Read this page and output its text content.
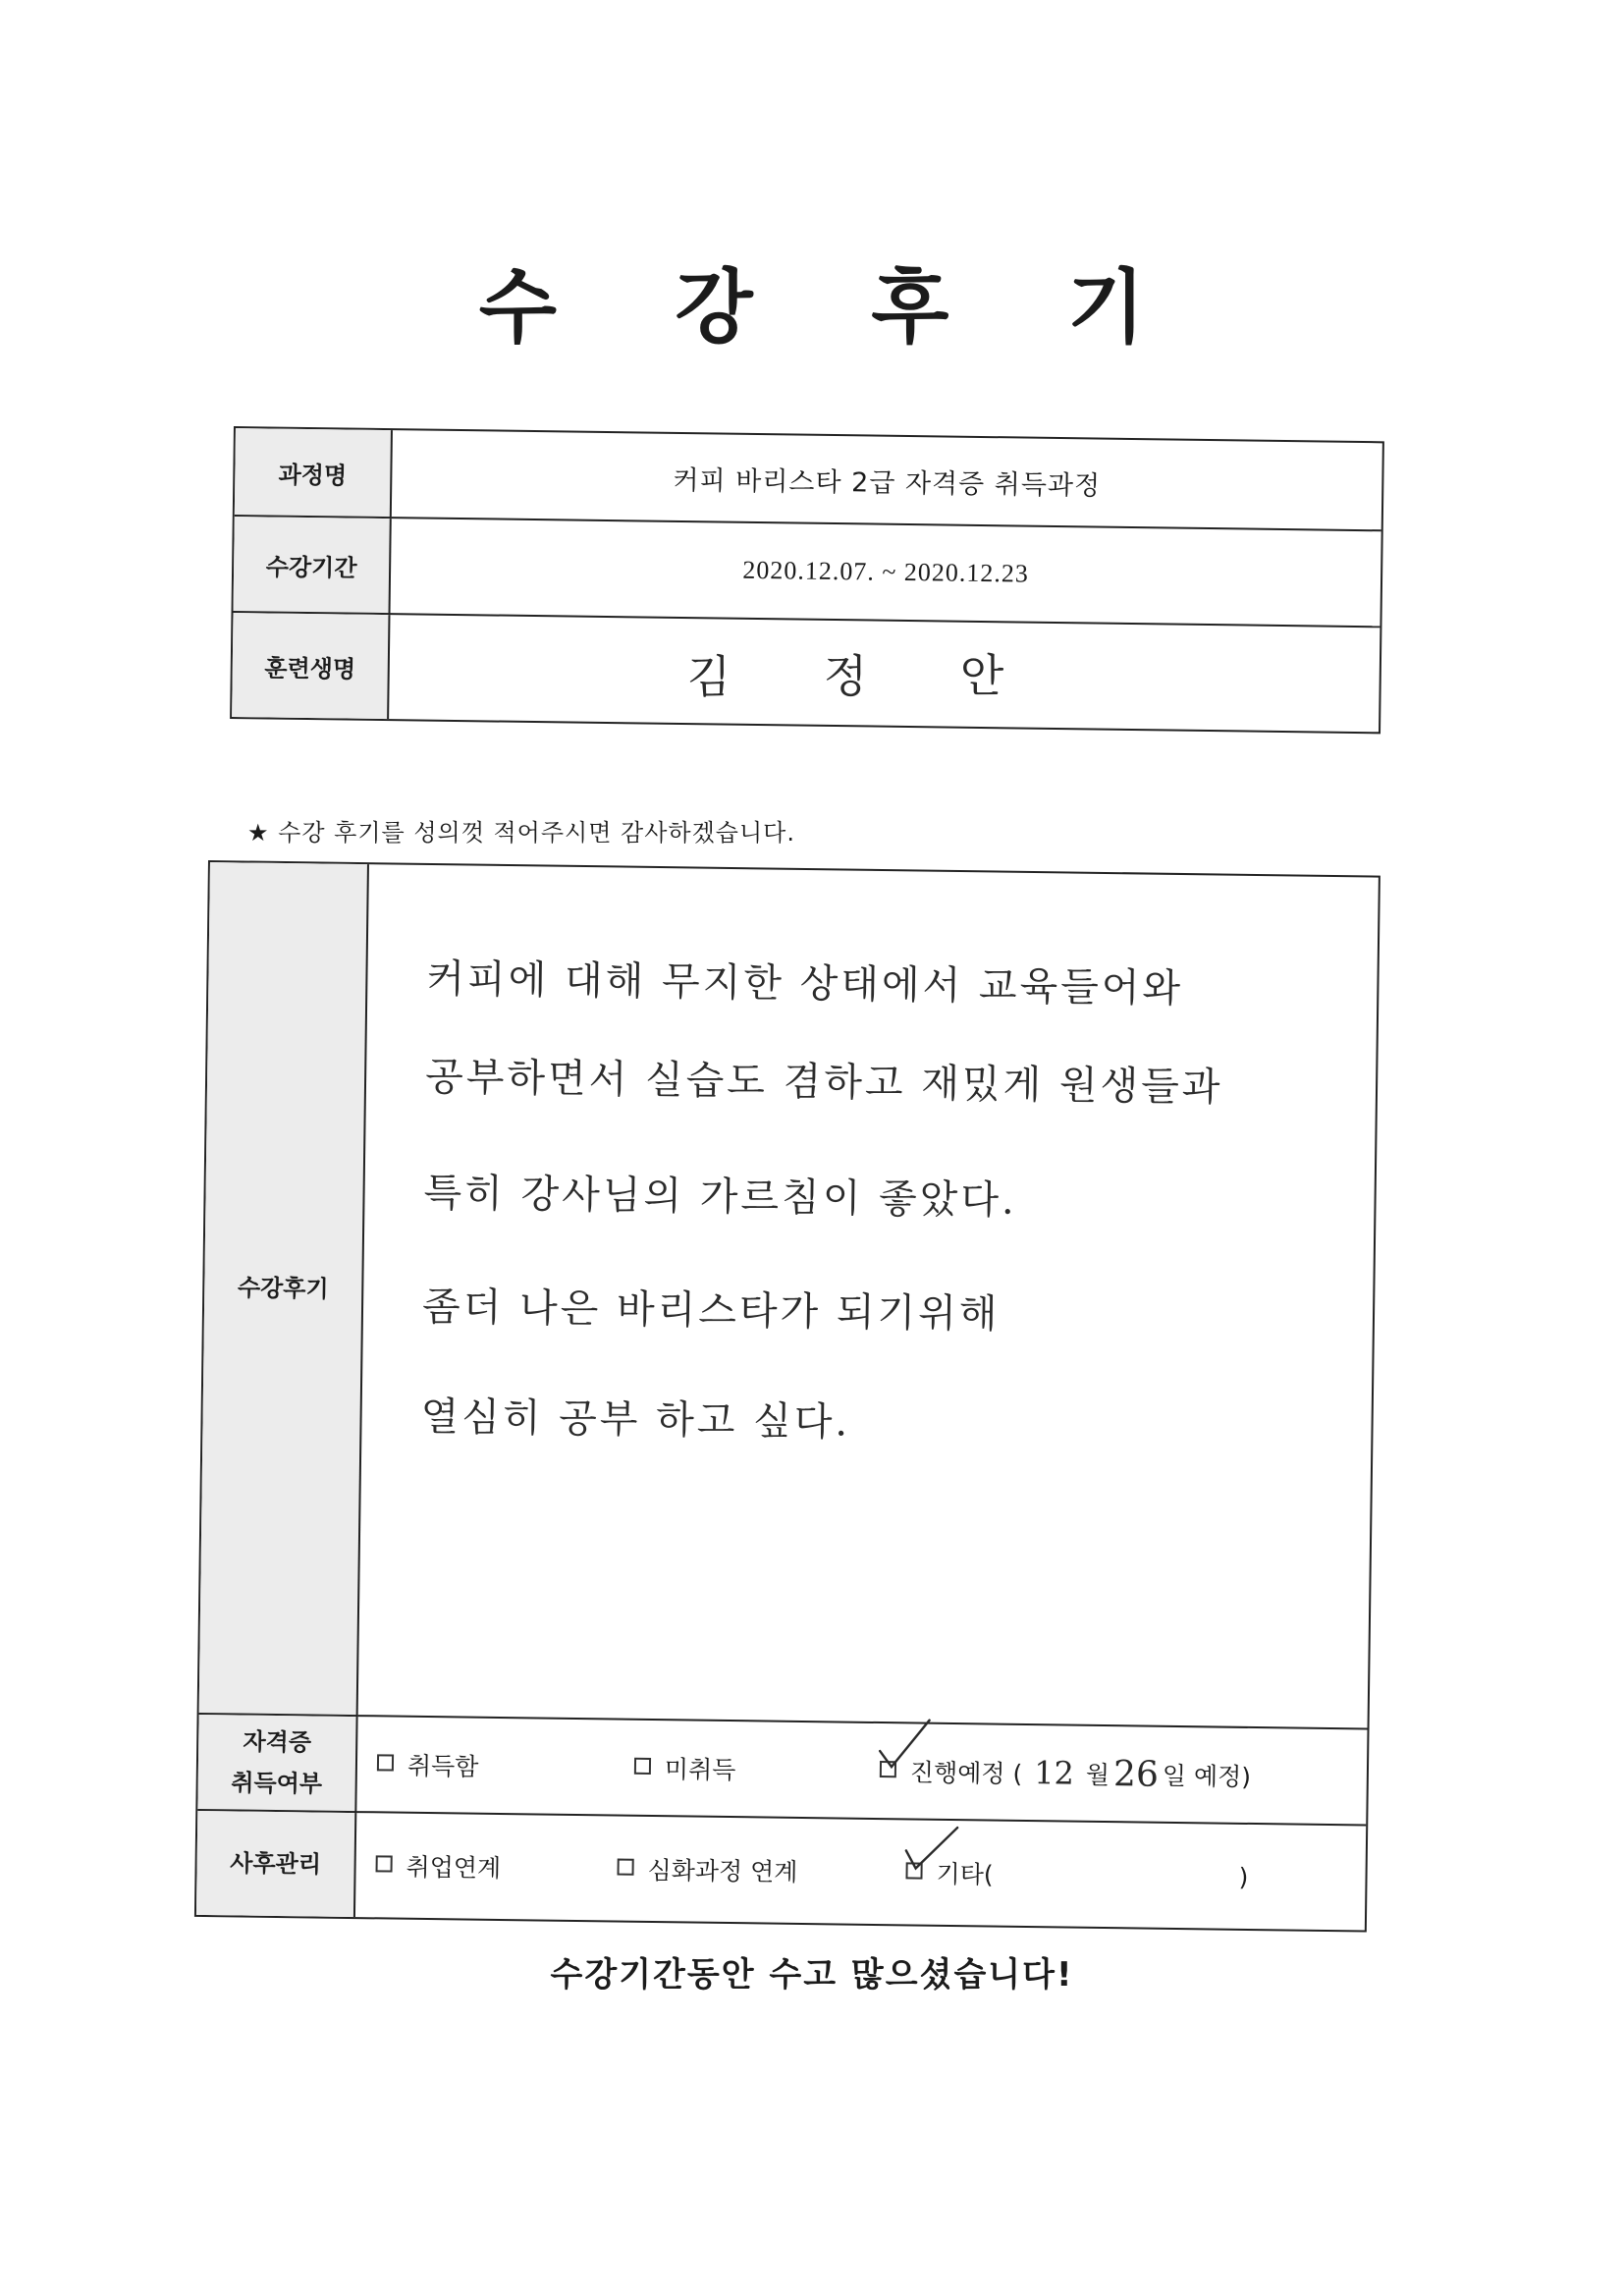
수 강 후 기
과정명	커피 바리스타 2급 자격증 취득과정
수강기간	2020.12.07. ~ 2020.12.23
훈련생명	김 정 안
★ 수강 후기를 성의껏 적어주시면 감사하겠습니다.
수강후기
커피에 대해 무지한 상태에서 교육들어와
공부하면서 실습도 겸하고 재밌게 원생들과
특히 강사님의 가르침이 좋았다.
좀더 나은 바리스타가 되기위해
열심히 공부 하고 싶다.
자격증
취득여부
취득함	미취득	진행예정 ( 12 월 26 일 예정)
사후관리	취업연계	심화과정 연계	기타(	)
수강기간동안 수고 많으셨습니다!
